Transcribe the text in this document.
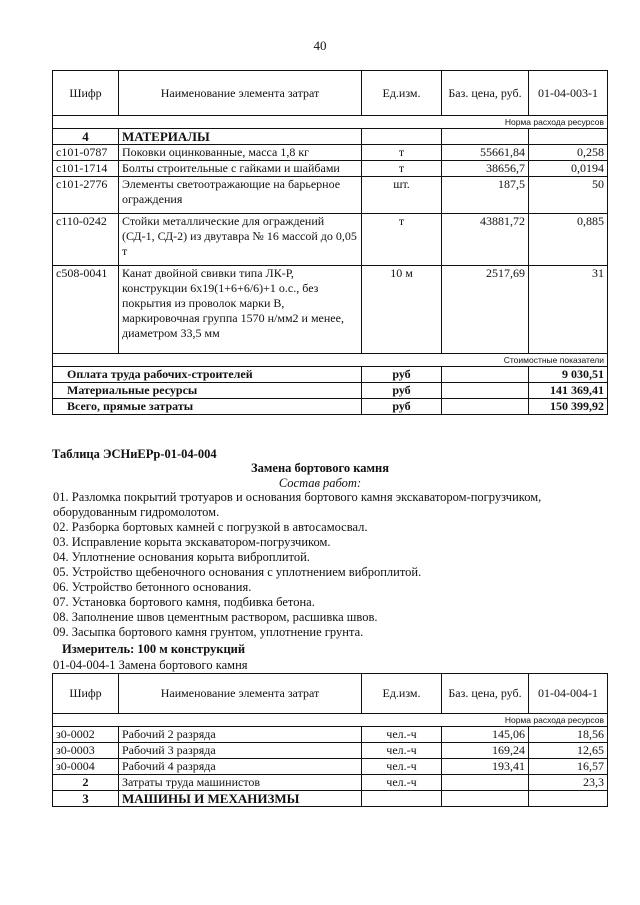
40
Шифр	Наименование элемента затрат	Ед.изм.	Баз. цена, руб.	01-04-003-1
Норма расхода ресурсов				
4	МАТЕРИАЛЫ			
с101-0787	Поковки оцинкованные, масса 1,8 кг	т	55661,84	0,258
с101-1714	Болты строительные с гайками и шайбами	т	38656,7	0,0194
с101-2776	Элементы светоотражающие на барьерное ограждения	шт.	187,5	50
с110-0242	Стойки металлические для ограждений (СД-1, СД-2) из двутавра № 16 массой до 0,05 т	т	43881,72	0,885
с508-0041	Канат двойной свивки типа ЛК-Р, конструкции 6х19(1+6+6/6)+1 о.с., без покрытия из проволок марки В, маркировочная группа 1570 н/мм2 и менее, диаметром 33,5 мм	10 м	2517,69	31
Стоимостные показатели				
Оплата труда рабочих-строителей		руб		9 030,51
Материальные ресурсы		руб		141 369,41
Всего, прямые затраты		руб		150 399,92
Таблица ЭСНиЕРр-01-04-004
Замена бортового камня
Состав работ:
01. Разломка покрытий тротуаров и основания бортового камня экскаватором-погрузчиком,
оборудованным гидромолотом.
02. Разборка бортовых камней с погрузкой в автосамосвал.
03. Исправление корыта экскаватором-погрузчиком.
04. Уплотнение основания корыта виброплитой.
05. Устройство щебеночного основания с уплотнением виброплитой.
06. Устройство бетонного основания.
07. Установка бортового камня, подбивка бетона.
08. Заполнение швов цементным раствором, расшивка швов.
09. Засыпка бортового камня грунтом, уплотнение грунта.
Измеритель: 100 м конструкций
01-04-004-1 Замена бортового камня
Шифр	Наименование элемента затрат	Ед.изм.	Баз. цена, руб.	01-04-004-1
Норма расхода ресурсов				
з0-0002	Рабочий 2 разряда	чел.-ч	145,06	18,56
з0-0003	Рабочий 3 разряда	чел.-ч	169,24	12,65
з0-0004	Рабочий 4 разряда	чел.-ч	193,41	16,57
2	Затраты труда машинистов	чел.-ч		23,3
3	МАШИНЫ И МЕХАНИЗМЫ			
